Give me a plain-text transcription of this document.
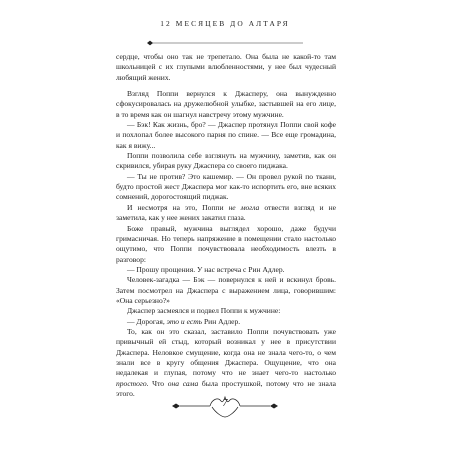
12 МЕСЯЦЕВ ДО АЛТАРЯ

сердце, чтобы оно так не трепетало. Она была не какой-то там школьницей с их глупыми влюбленностями, у нее был чудесный любящий жених.

Взгляд Поппи вернулся к Джасперу, она вынужденно сфокусировалась на дружелюбной улыбке, застывшей на его лице, в то время как он шагнул навстречу этому мужчине.

— Бэк! Как жизнь, бро? — Джаспер протянул Поппи свой кофе и похлопал более высокого парня по спине. — Все еще громадина, как я вижу...

Поппи позволила себе взглянуть на мужчину, заметив, как он скривился, убирая руку Джаспера со своего пиджака.

— Ты не против? Это кашемир. — Он провел рукой по ткани, будто простой жест Джаспера мог как-то испортить его, вне всяких сомнений, дорогостоящий пиджак.

И несмотря на это, Поппи не могла отвести взгляд и не заметила, как у нее жених закатил глаза.

Боже правый, мужчина выглядел хорошо, даже будучи гримасничая. Но теперь напряжение в помещении стало настолько ощутимо, что Поппи почувствовала необходимость влезть в разговор:

— Прошу прощения. У нас встреча с Рин Адлер.

Человек-загадка — Бэк — повернулся к ней и вскинул бровь. Затем посмотрел на Джаспера с выражением лица, говорившим: «Она серьезно?»

Джаспер засмеялся и подвел Поппи к мужчине:

— Дорогая, это и есть Рин Адлер.

То, как он это сказал, заставило Поппи почувствовать уже привычный ей стыд, который возникал у нее в присутствии Джаспера. Неловкое смущение, когда она не знала чего-то, о чем знали все в кругу общения Джаспера. Ощущение, что она недалекая и глупая, потому что не знает чего-то настолько простого. Что она сама была простушкой, потому что не знала этого.

7
